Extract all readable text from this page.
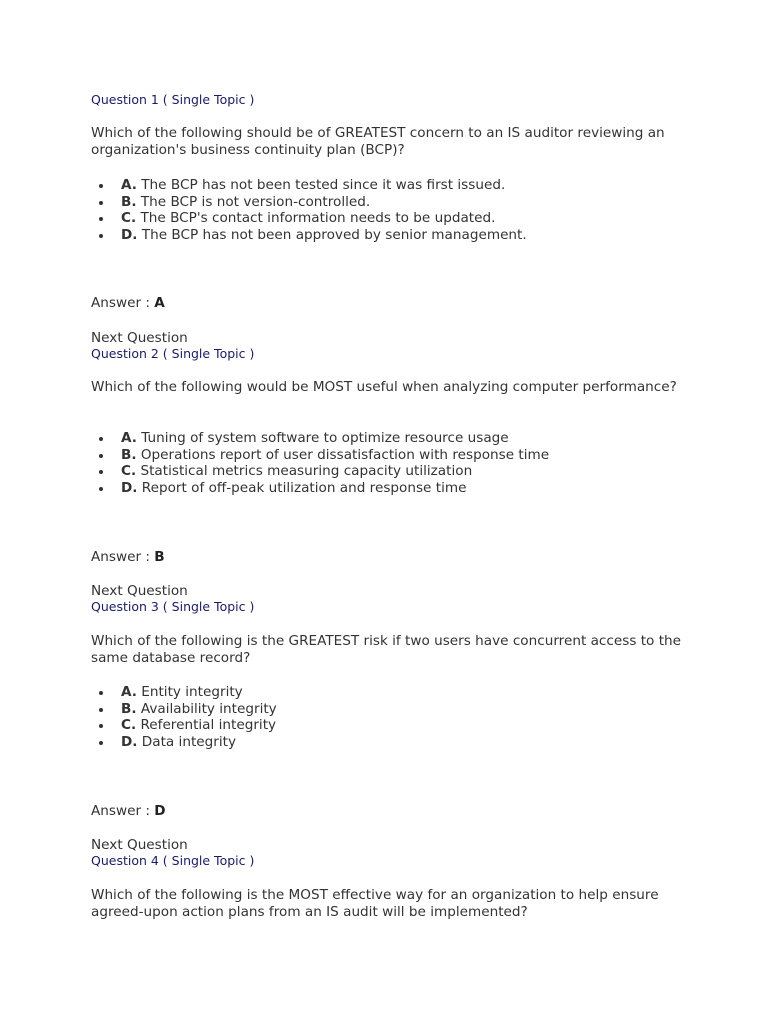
Question 1 ( Single Topic )
Which of the following should be of GREATEST concern to an IS auditor reviewing an organization's business continuity plan (BCP)?
A. The BCP has not been tested since it was first issued.
B. The BCP is not version-controlled.
C. The BCP's contact information needs to be updated.
D. The BCP has not been approved by senior management.
Answer : A
Next Question
Question 2 ( Single Topic )
Which of the following would be MOST useful when analyzing computer performance?
A. Tuning of system software to optimize resource usage
B. Operations report of user dissatisfaction with response time
C. Statistical metrics measuring capacity utilization
D. Report of off-peak utilization and response time
Answer : B
Next Question
Question 3 ( Single Topic )
Which of the following is the GREATEST risk if two users have concurrent access to the same database record?
A. Entity integrity
B. Availability integrity
C. Referential integrity
D. Data integrity
Answer : D
Next Question
Question 4 ( Single Topic )
Which of the following is the MOST effective way for an organization to help ensure agreed-upon action plans from an IS audit will be implemented?
